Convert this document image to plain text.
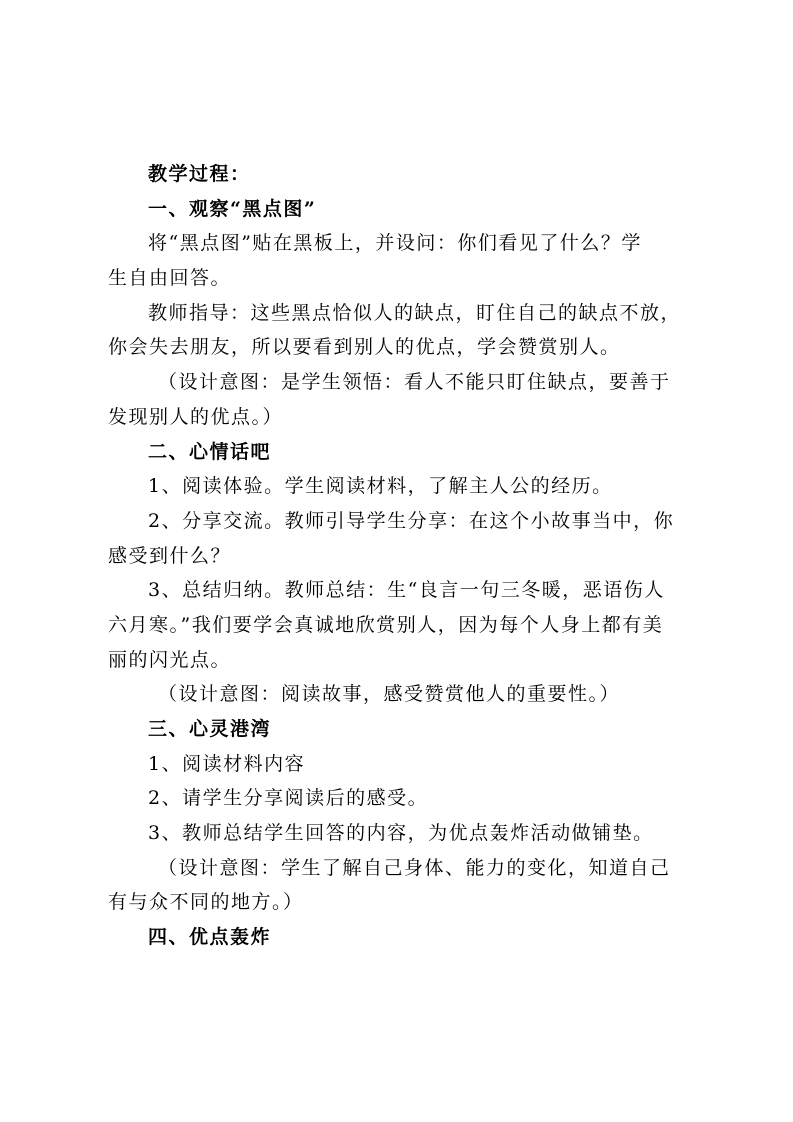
教学过程：
一、观察“黑点图”
将“黑点图”贴在黑板上，并设问：你们看见了什么？学
生自由回答。
教师指导：这些黑点恰似人的缺点，盯住自己的缺点不放，
你会失去朋友，所以要看到别人的优点，学会赞赏别人。
（设计意图：是学生领悟：看人不能只盯住缺点，要善于
发现别人的优点。）
二、心情话吧
1、阅读体验。学生阅读材料，了解主人公的经历。
2、分享交流。教师引导学生分享：在这个小故事当中，你
感受到什么？
3、总结归纳。教师总结：生“良言一句三冬暖，恶语伤人
六月寒。”我们要学会真诚地欣赏别人，因为每个人身上都有美
丽的闪光点。
（设计意图：阅读故事，感受赞赏他人的重要性。）
三、心灵港湾
1、阅读材料内容
2、请学生分享阅读后的感受。
3、教师总结学生回答的内容，为优点轰炸活动做铺垫。
（设计意图：学生了解自己身体、能力的变化，知道自己
有与众不同的地方。）
四、优点轰炸
